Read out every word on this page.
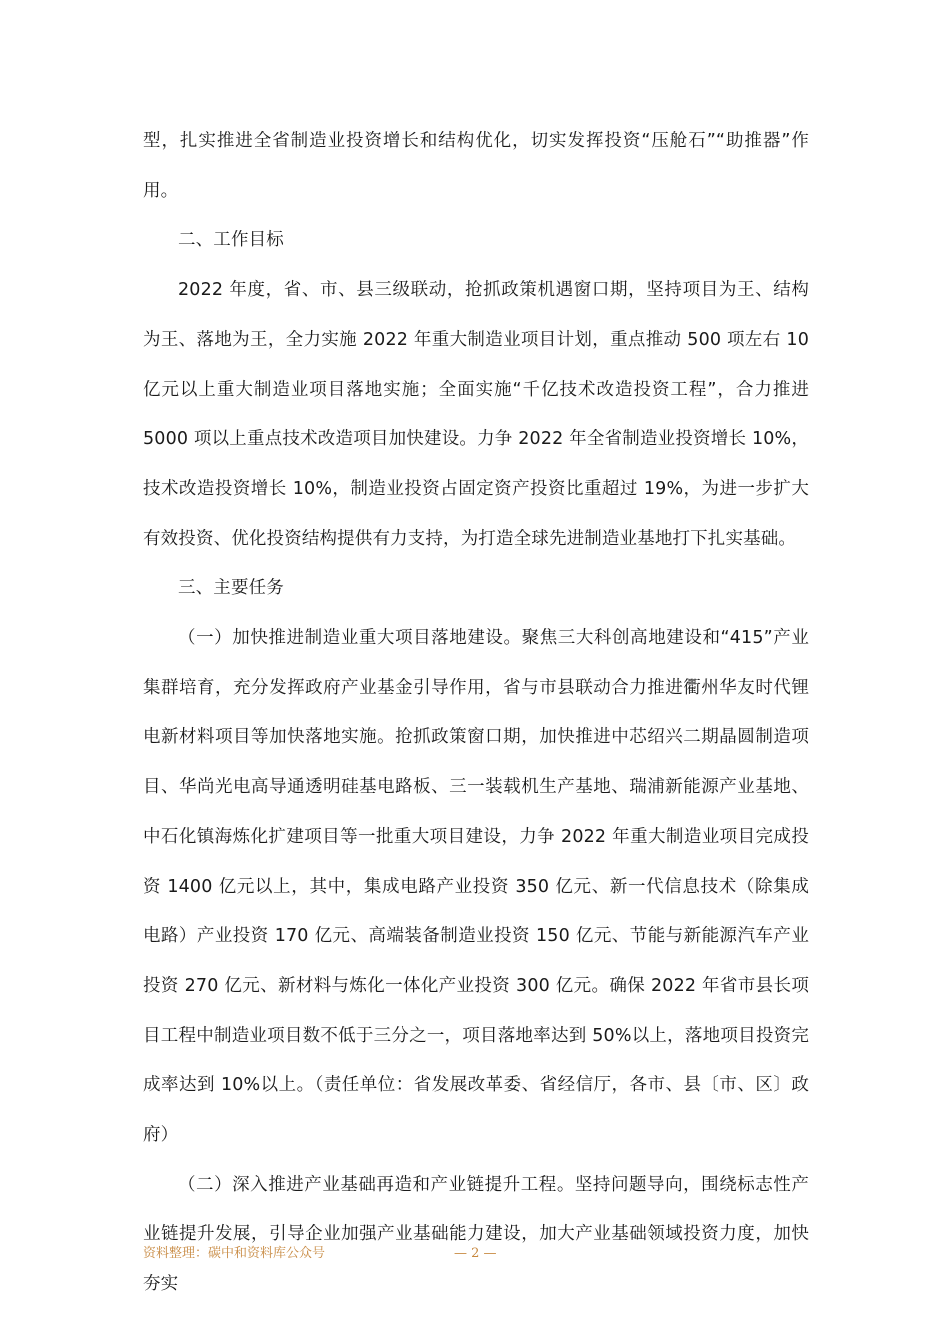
型，扎实推进全省制造业投资增长和结构优化，切实发挥投资“压舱石”“助推器”作用。

二、工作目标

2022 年度，省、市、县三级联动，抢抓政策机遇窗口期，坚持项目为王、结构为王、落地为王，全力实施 2022 年重大制造业项目计划，重点推动 500 项左右 10 亿元以上重大制造业项目落地实施；全面实施“千亿技术改造投资工程”，合力推进 5000 项以上重点技术改造项目加快建设。力争 2022 年全省制造业投资增长 10%，技术改造投资增长 10%，制造业投资占固定资产投资比重超过 19%，为进一步扩大有效投资、优化投资结构提供有力支持，为打造全球先进制造业基地打下扎实基础。

三、主要任务

（一）加快推进制造业重大项目落地建设。聚焦三大科创高地建设和“415”产业集群培育，充分发挥政府产业基金引导作用，省与市县联动合力推进衢州华友时代锂电新材料项目等加快落地实施。抢抓政策窗口期，加快推进中芯绍兴二期晶圆制造项目、华尚光电高导通透明硅基电路板、三一装载机生产基地、瑞浦新能源产业基地、中石化镇海炼化扩建项目等一批重大项目建设，力争 2022 年重大制造业项目完成投资 1400 亿元以上，其中，集成电路产业投资 350 亿元、新一代信息技术（除集成电路）产业投资 170 亿元、高端装备制造业投资 150 亿元、节能与新能源汽车产业投资 270 亿元、新材料与炼化一体化产业投资 300 亿元。确保 2022 年省市县长项目工程中制造业项目数不低于三分之一，项目落地率达到 50%以上，落地项目投资完成率达到 10%以上。（责任单位：省发展改革委、省经信厅，各市、县〔市、区〕政府）

（二）深入推进产业基础再造和产业链提升工程。坚持问题导向，围绕标志性产业链提升发展，引导企业加强产业基础能力建设，加大产业基础领域投资力度，加快夯实

资料整理：碳中和资料库公众号	— 2 —
